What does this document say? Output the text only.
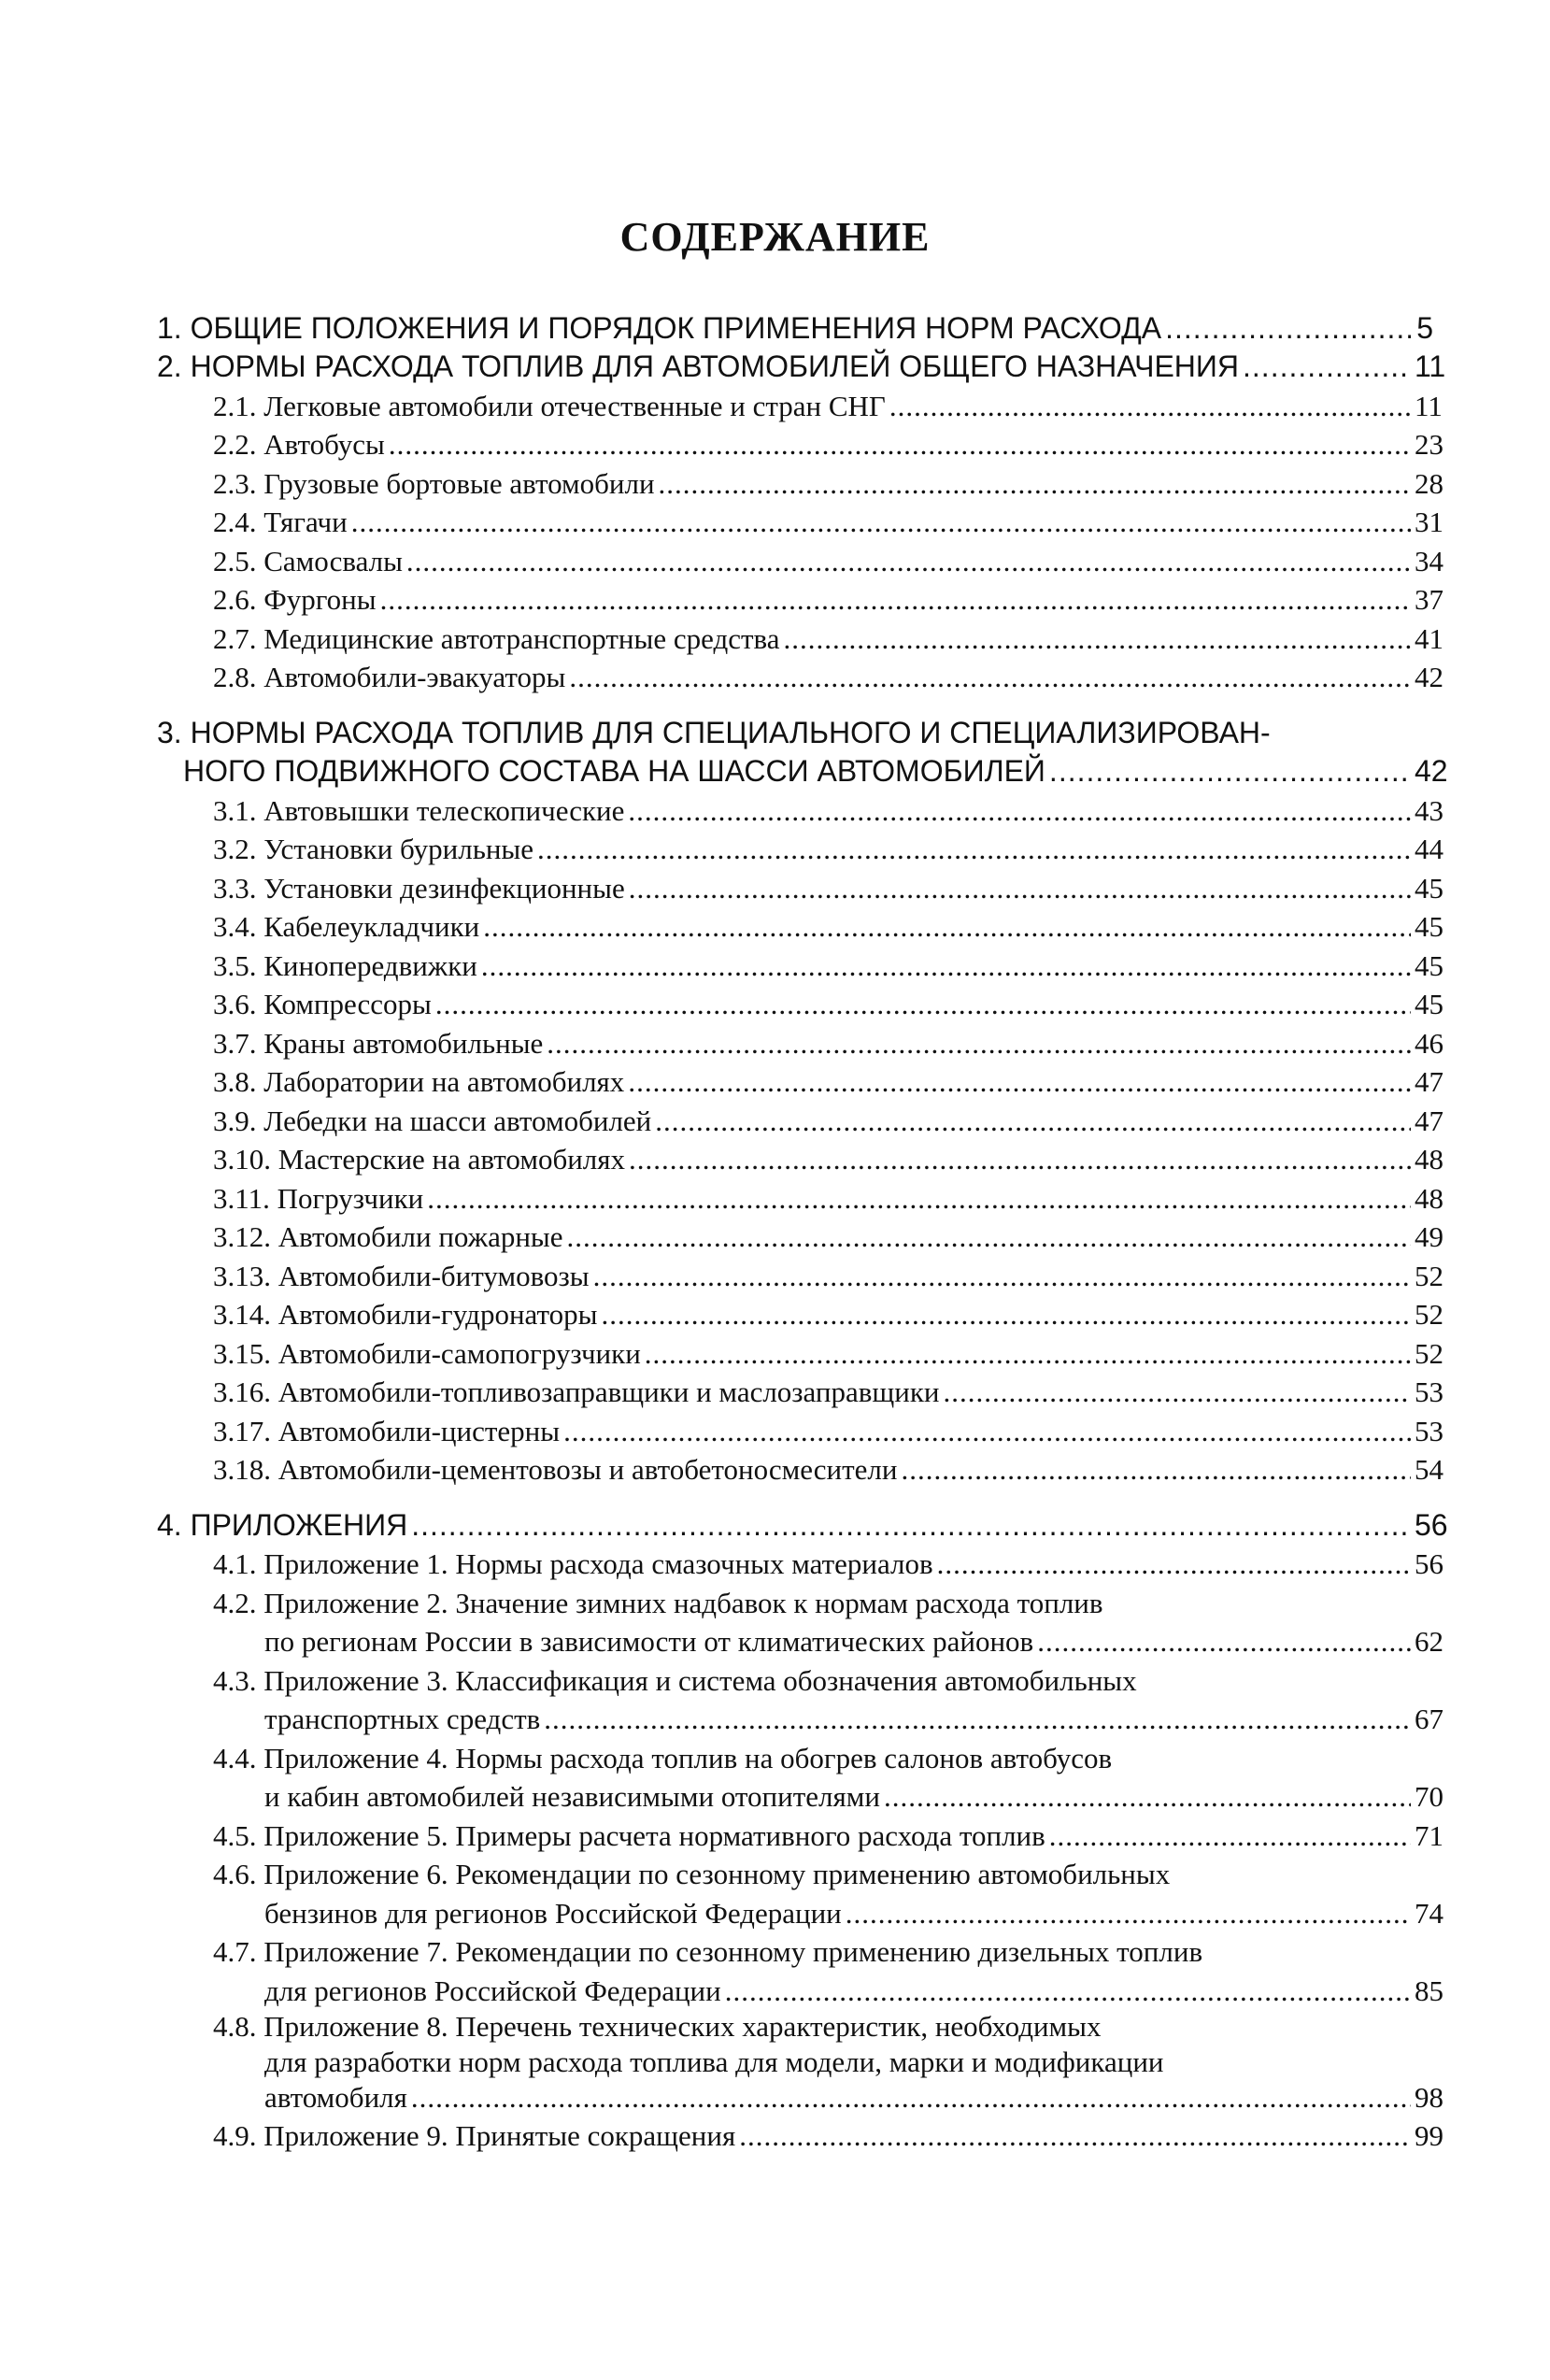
СОДЕРЖАНИЕ
1. ОБЩИЕ ПОЛОЖЕНИЯ И ПОРЯДОК ПРИМЕНЕНИЯ НОРМ РАСХОДА .....	5
2. НОРМЫ РАСХОДА ТОПЛИВ ДЛЯ АВТОМОБИЛЕЙ ОБЩЕГО НАЗНАЧЕНИЯ .....	11
2.1. Легковые автомобили отечественные и стран СНГ .....	11
2.2. Автобусы .....	23
2.3. Грузовые бортовые автомобили .....	28
2.4. Тягачи .....	31
2.5. Самосвалы .....	34
2.6. Фургоны .....	37
2.7. Медицинские автотранспортные средства .....	41
2.8. Автомобили-эвакуаторы .....	42
3. НОРМЫ РАСХОДА ТОПЛИВ ДЛЯ СПЕЦИАЛЬНОГО И СПЕЦИАЛИЗИРОВАН-
НОГО ПОДВИЖНОГО СОСТАВА НА ШАССИ АВТОМОБИЛЕЙ .....	42
3.1. Автовышки телескопические .....	43
3.2. Установки бурильные .....	44
3.3. Установки дезинфекционные .....	45
3.4. Кабелеукладчики .....	45
3.5. Кинопередвижки .....	45
3.6. Компрессоры .....	45
3.7. Краны автомобильные .....	46
3.8. Лаборатории на автомобилях .....	47
3.9. Лебедки на шасси автомобилей .....	47
3.10. Мастерские на автомобилях .....	48
3.11. Погрузчики .....	48
3.12. Автомобили пожарные .....	49
3.13. Автомобили-битумовозы .....	52
3.14. Автомобили-гудронаторы .....	52
3.15. Автомобили-самопогрузчики .....	52
3.16. Автомобили-топливозаправщики и маслозаправщики .....	53
3.17. Автомобили-цистерны .....	53
3.18. Автомобили-цементовозы и автобетоносмесители .....	54
4. ПРИЛОЖЕНИЯ .....	56
4.1. Приложение 1. Нормы расхода смазочных материалов .....	56
4.2. Приложение 2. Значение зимних надбавок к нормам расхода топлив
по регионам России в зависимости от климатических районов .....	62
4.3. Приложение 3. Классификация и система обозначения автомобильных
транспортных средств .....	67
4.4. Приложение 4. Нормы расхода топлив на обогрев салонов автобусов
и кабин автомобилей независимыми отопителями .....	70
4.5. Приложение 5. Примеры расчета нормативного расхода топлив .....	71
4.6. Приложение 6. Рекомендации по сезонному применению автомобильных
бензинов для регионов Российской Федерации .....	74
4.7. Приложение 7. Рекомендации по сезонному применению дизельных топлив
для регионов Российской Федерации .....	85
4.8. Приложение 8. Перечень технических характеристик, необходимых
для разработки норм расхода топлива для модели, марки и модификации
автомобиля .....	98
4.9. Приложение 9. Принятые сокращения .....	99
